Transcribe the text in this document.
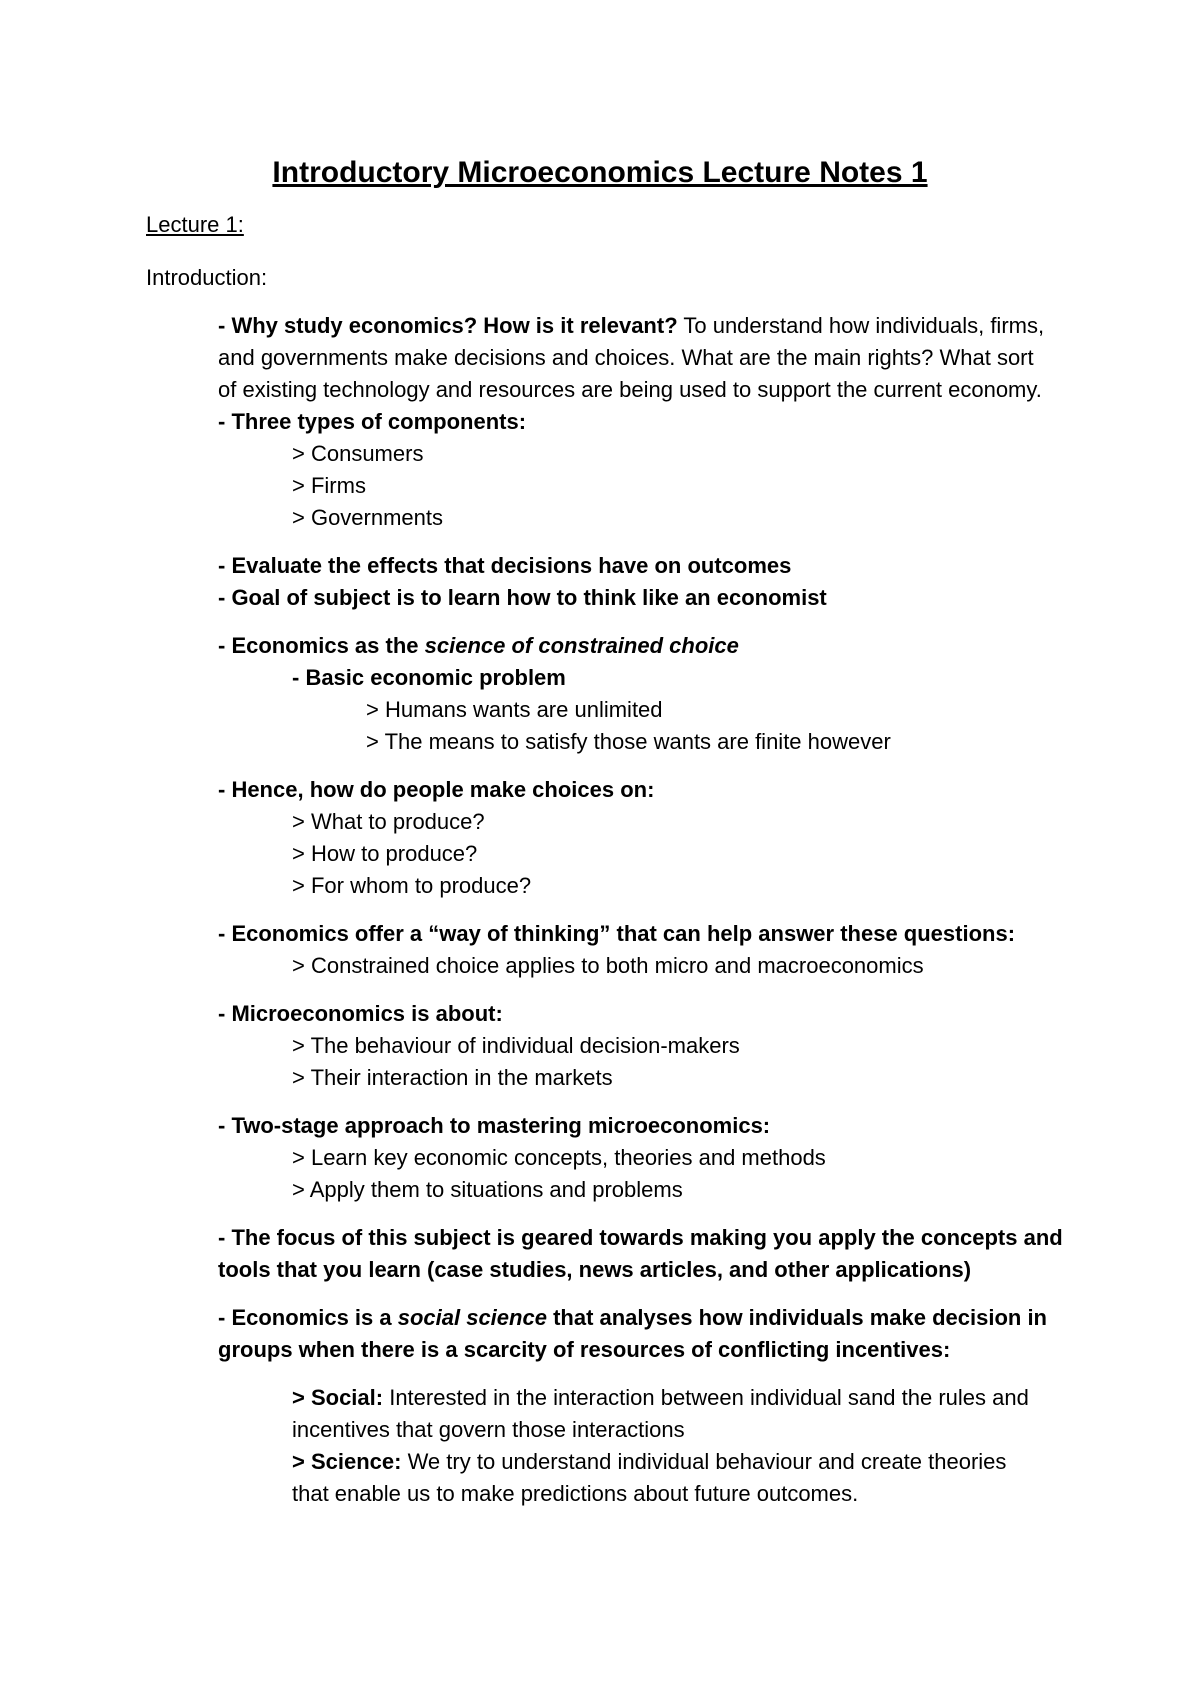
Introductory Microeconomics Lecture Notes 1
Lecture 1:
Introduction:
- Why study economics? How is it relevant? To understand how individuals, firms,
and governments make decisions and choices. What are the main rights? What sort
of existing technology and resources are being used to support the current economy.
- Three types of components:
> Consumers
> Firms
> Governments
- Evaluate the effects that decisions have on outcomes
- Goal of subject is to learn how to think like an economist
- Economics as the science of constrained choice
- Basic economic problem
> Humans wants are unlimited
> The means to satisfy those wants are finite however
- Hence, how do people make choices on:
> What to produce?
> How to produce?
> For whom to produce?
- Economics offer a “way of thinking” that can help answer these questions:
> Constrained choice applies to both micro and macroeconomics
- Microeconomics is about:
> The behaviour of individual decision-makers
> Their interaction in the markets
- Two-stage approach to mastering microeconomics:
> Learn key economic concepts, theories and methods
> Apply them to situations and problems
- The focus of this subject is geared towards making you apply the concepts and
tools that you learn (case studies, news articles, and other applications)
- Economics is a social science that analyses how individuals make decision in
groups when there is a scarcity of resources of conflicting incentives:
> Social: Interested in the interaction between individual sand the rules and
incentives that govern those interactions
> Science: We try to understand individual behaviour and create theories
that enable us to make predictions about future outcomes.
